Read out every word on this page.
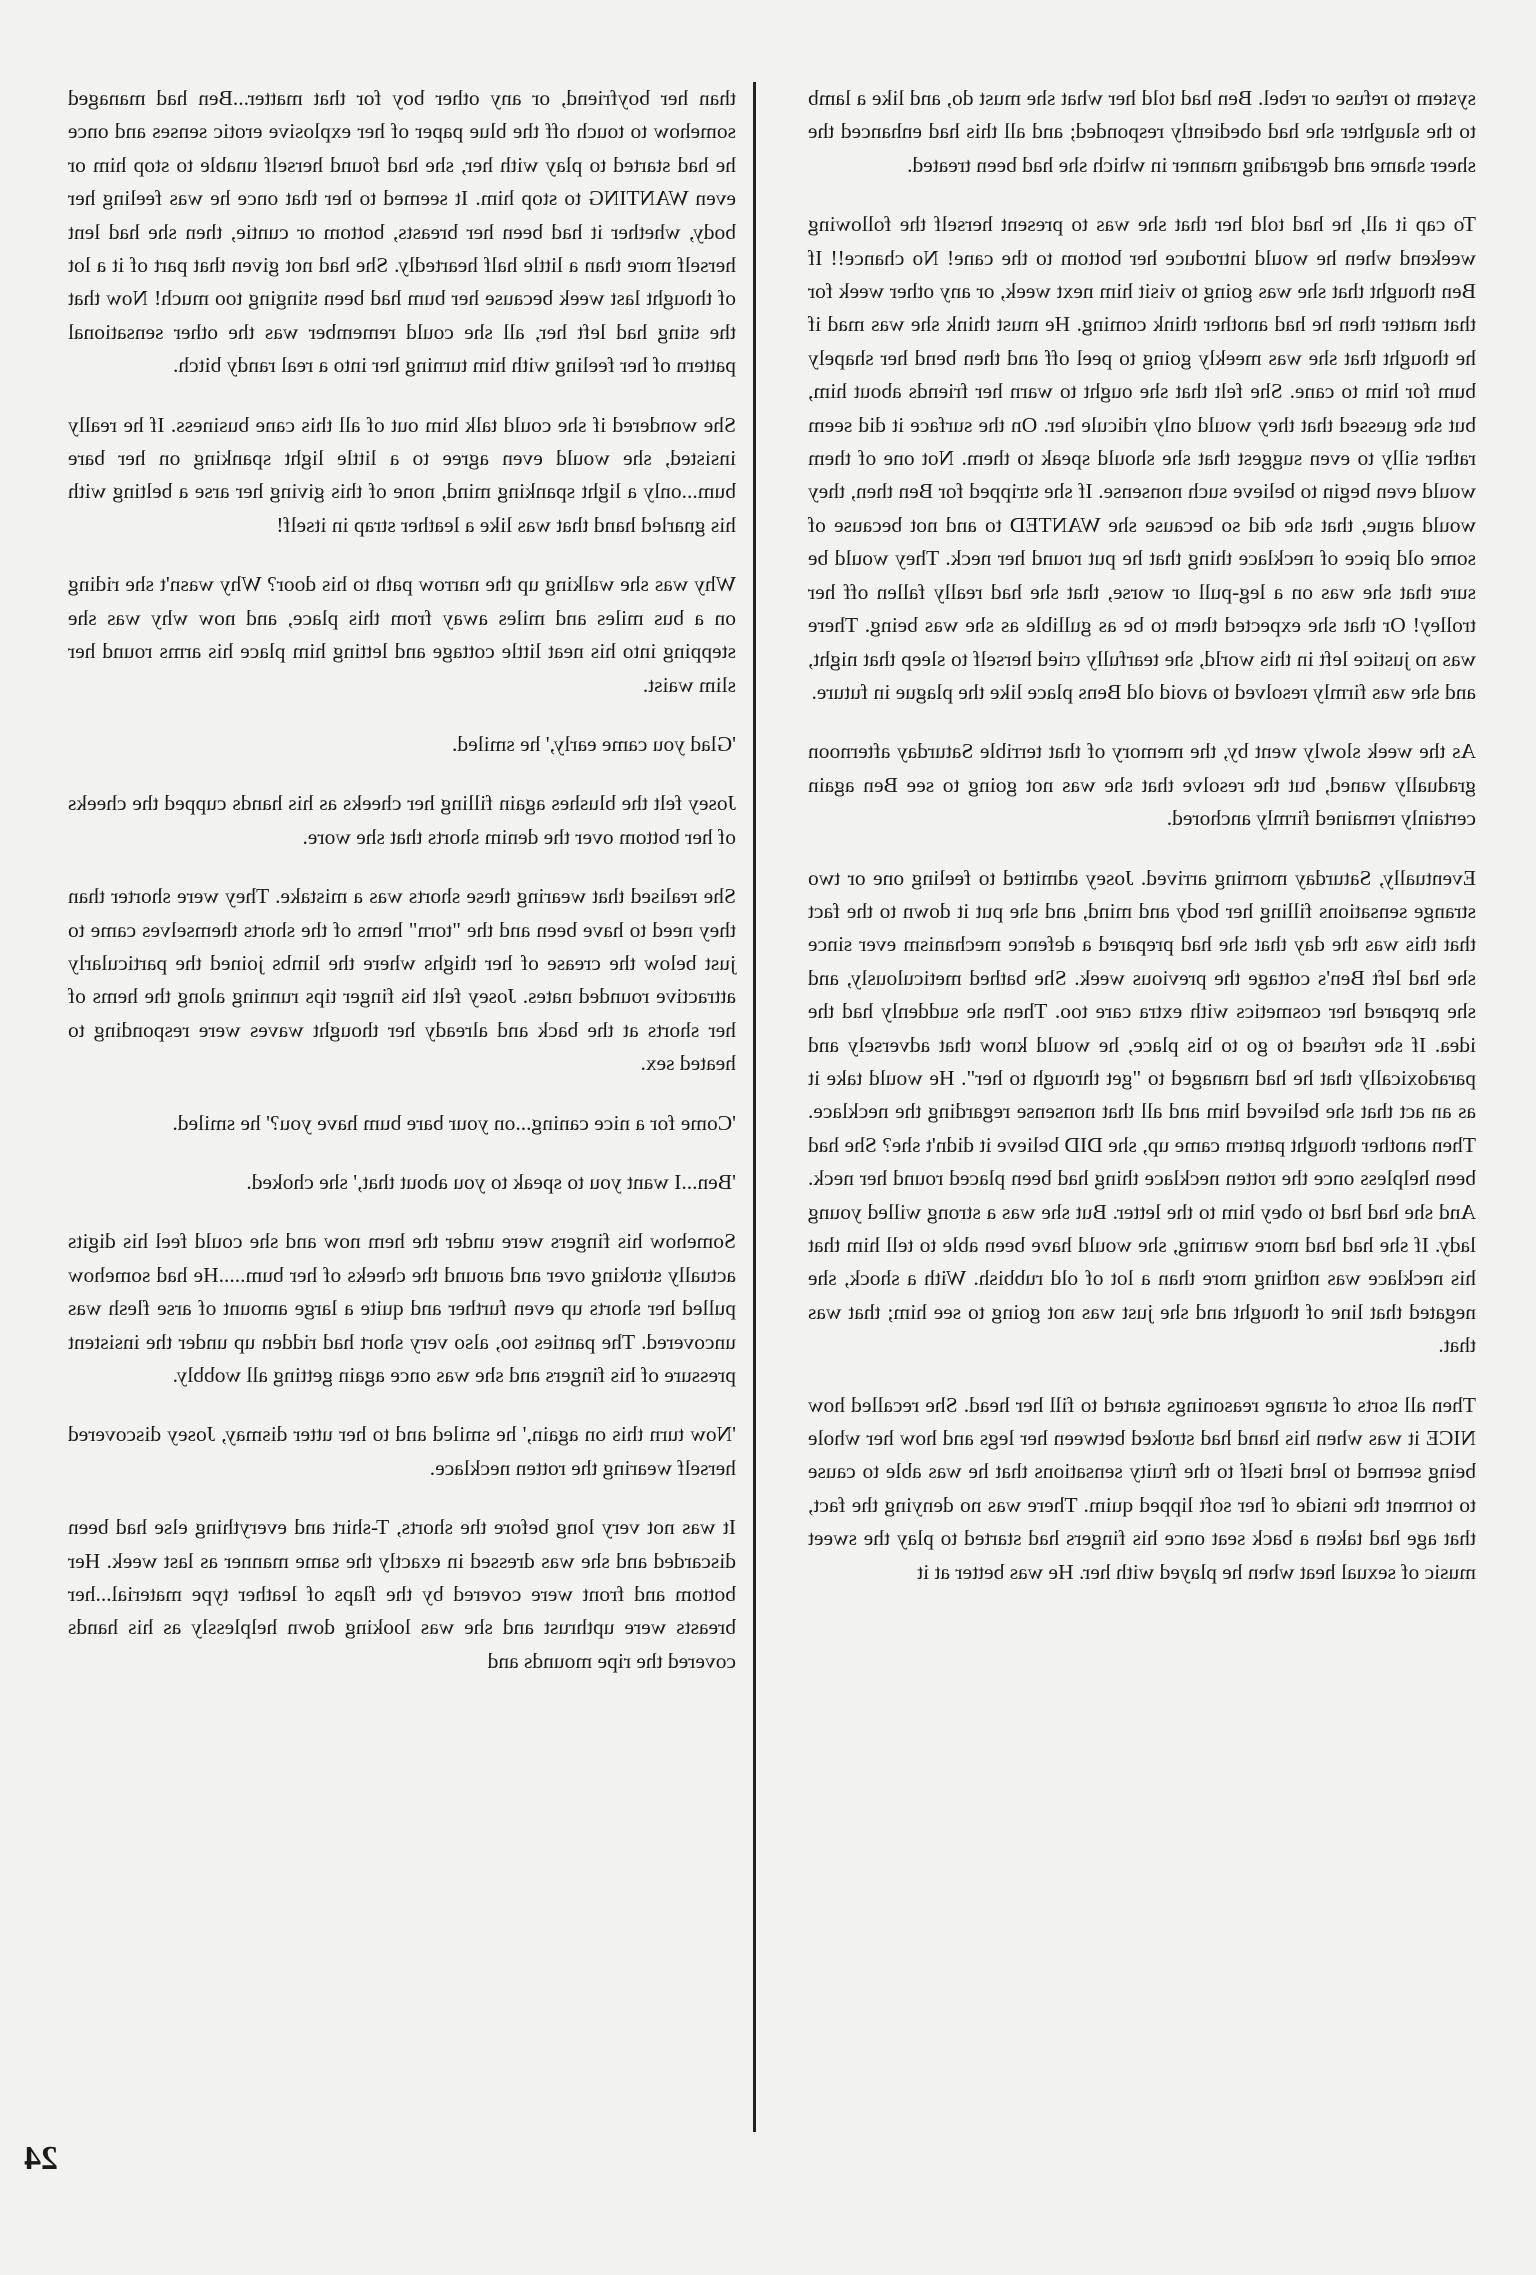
system to refuse or rebel. Ben had told her what she must do, and like a lamb to the slaughter she had obediently responded; and all this had enhanced the sheer shame and degrading manner in which she had been treated.

To cap it all, he had told her that she was to present herself the following weekend when he would introduce her bottom to the cane! No chance!! If Ben thought that she was going to visit him next week, or any other week for that matter then he had another think coming. He must think she was mad if he thought that she was meekly going to peel off and then bend her shapely bum for him to cane. She felt that she ought to warn her friends about him, but she guessed that they would only ridicule her. On the surface it did seem rather silly to even suggest that she should speak to them. Not one of them would even begin to believe such nonsense. If she stripped for Ben then, they would argue, that she did so because she WANTED to and not because of some old piece of necklace thing that he put round her neck. They would be sure that she was on a leg-pull or worse, that she had really fallen off her trolley! Or that she expected them to be as gullible as she was being. There was no justice left in this world, she tearfully cried herself to sleep that night, and she was firmly resolved to avoid old Bens place like the plague in future.

As the week slowly went by, the memory of that terrible Saturday afternoon gradually waned, but the resolve that she was not going to see Ben again certainly remained firmly anchored.

Eventually, Saturday morning arrived. Josey admitted to feeling one or two strange sensations filling her body and mind, and she put it down to the fact that this was the day that she had prepared a defence mechanism ever since she had left Ben's cottage the previous week. She bathed meticulously, and she prepared her cosmetics with extra care too. Then she suddenly had the idea. If she refused to go to his place, he would know that adversely and paradoxically that he had managed to "get through to her". He would take it as an act that she believed him and all that nonsense regarding the necklace. Then another thought pattern came up, she DID believe it didn't she? She had been helpless once the rotten necklace thing had been placed round her neck. And she had had to obey him to the letter. But she was a strong willed young lady. If she had had more warning, she would have been able to tell him that his necklace was nothing more than a lot of old rubbish. With a shock, she negated that line of thought and she just was not going to see him; that was that.

Then all sorts of strange reasonings started to fill her head. She recalled how NICE it was when his hand had stroked between her legs and how her whole being seemed to lend itself to the fruity sensations that he was able to cause to torment the inside of her soft lipped quim. There was no denying the fact, that age had taken a back seat once his fingers had started to play the sweet music of sexual heat when he played with her. He was better at it

than her boyfriend, or any other boy for that matter...Ben had managed somehow to touch off the blue paper of her explosive erotic senses and once he had started to play with her, she had found herself unable to stop him or even WANTING to stop him. It seemed to her that once he was feeling her body, whether it had been her breasts, bottom or cuntie, then she had lent herself more than a little half heartedly. She had not given that part of it a lot of thought last week because her bum had been stinging too much! Now that the sting had left her, all she could remember was the other sensational pattern of her feeling with him turning her into a real randy bitch.

She wondered if she could talk him out of all this cane business. If he really insisted, she would even agree to a little light spanking on her bare bum...only a light spanking mind, none of this giving her arse a belting with his gnarled hand that was like a leather strap in itself!

Why was she walking up the narrow path to his door? Why wasn't she riding on a bus miles and miles away from this place, and now why was she stepping into his neat little cottage and letting him place his arms round her slim waist.

'Glad you came early,' he smiled.

Josey felt the blushes again filling her cheeks as his hands cupped the cheeks of her bottom over the denim shorts that she wore.

She realised that wearing these shorts was a mistake. They were shorter than they need to have been and the "torn" hems of the shorts themselves came to just below the crease of her thighs where the limbs joined the particularly attractive rounded nates. Josey felt his finger tips running along the hems of her shorts at the back and already her thought waves were responding to heated sex.

'Come for a nice caning...on your bare bum have you?' he smiled.

'Ben...I want you to speak to you about that,' she choked.

Somehow his fingers were under the hem now and she could feel his digits actually stroking over and around the cheeks of her bum.....He had somehow pulled her shorts up even further and quite a large amount of arse flesh was uncovered. The panties too, also very short had ridden up under the insistent pressure of his fingers and she was once again getting all wobbly.

'Now turn this on again,' he smiled and to her utter dismay, Josey discovered herself wearing the rotten necklace.

It was not very long before the shorts, T-shirt and everything else had been discarded and she was dressed in exactly the same manner as last week. Her bottom and front were covered by the flaps of leather type material...her breasts were upthrust and she was looking down helplessly as his hands covered the ripe mounds and

24
